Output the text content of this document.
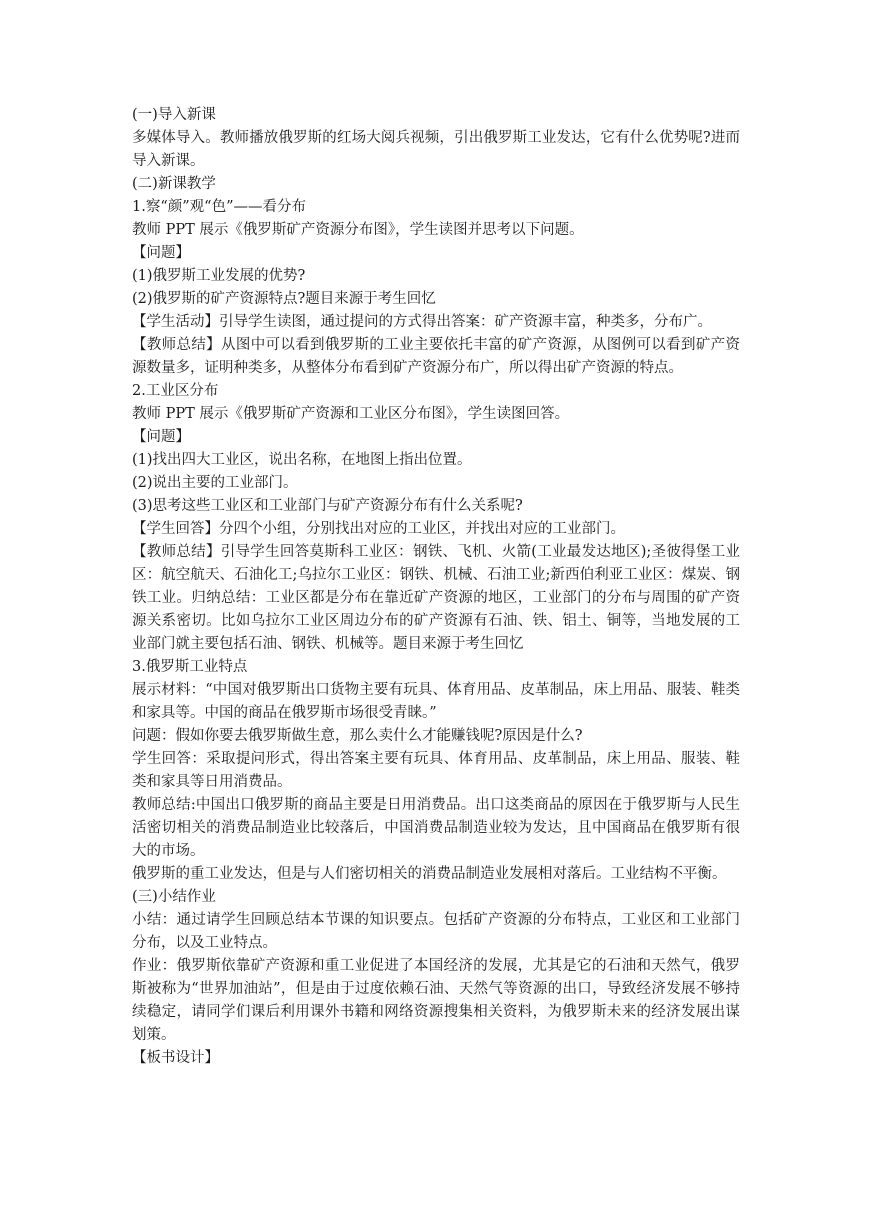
(一)导入新课

多媒体导入。教师播放俄罗斯的红场大阅兵视频，引出俄罗斯工业发达，它有什么优势呢?进而导入新课。

(二)新课教学

1.察“颜”观“色”——看分布

教师 PPT 展示《俄罗斯矿产资源分布图》，学生读图并思考以下问题。

【问题】

(1)俄罗斯工业发展的优势?

(2)俄罗斯的矿产资源特点?题目来源于考生回忆

【学生活动】引导学生读图，通过提问的方式得出答案：矿产资源丰富，种类多，分布广。

【教师总结】从图中可以看到俄罗斯的工业主要依托丰富的矿产资源，从图例可以看到矿产资源数量多，证明种类多，从整体分布看到矿产资源分布广，所以得出矿产资源的特点。

2.工业区分布

教师 PPT 展示《俄罗斯矿产资源和工业区分布图》，学生读图回答。

【问题】

(1)找出四大工业区，说出名称，在地图上指出位置。

(2)说出主要的工业部门。

(3)思考这些工业区和工业部门与矿产资源分布有什么关系呢?

【学生回答】分四个小组，分别找出对应的工业区，并找出对应的工业部门。

【教师总结】引导学生回答莫斯科工业区：钢铁、飞机、火箭(工业最发达地区);圣彼得堡工业区：航空航天、石油化工;乌拉尔工业区：钢铁、机械、石油工业;新西伯利亚工业区：煤炭、钢铁工业。归纳总结：工业区都是分布在靠近矿产资源的地区，工业部门的分布与周围的矿产资源关系密切。比如乌拉尔工业区周边分布的矿产资源有石油、铁、铝土、铜等，当地发展的工业部门就主要包括石油、钢铁、机械等。题目来源于考生回忆

3.俄罗斯工业特点

展示材料：“中国对俄罗斯出口货物主要有玩具、体育用品、皮革制品，床上用品、服装、鞋类和家具等。中国的商品在俄罗斯市场很受青睐。”

问题：假如你要去俄罗斯做生意，那么卖什么才能赚钱呢?原因是什么?

学生回答：采取提问形式，得出答案主要有玩具、体育用品、皮革制品，床上用品、服装、鞋类和家具等日用消费品。

教师总结:中国出口俄罗斯的商品主要是日用消费品。出口这类商品的原因在于俄罗斯与人民生活密切相关的消费品制造业比较落后，中国消费品制造业较为发达，且中国商品在俄罗斯有很大的市场。

俄罗斯的重工业发达，但是与人们密切相关的消费品制造业发展相对落后。工业结构不平衡。

(三)小结作业

小结：通过请学生回顾总结本节课的知识要点。包括矿产资源的分布特点，工业区和工业部门分布，以及工业特点。

作业：俄罗斯依靠矿产资源和重工业促进了本国经济的发展，尤其是它的石油和天然气，俄罗斯被称为“世界加油站”，但是由于过度依赖石油、天然气等资源的出口，导致经济发展不够持续稳定，请同学们课后利用课外书籍和网络资源搜集相关资料，为俄罗斯未来的经济发展出谋划策。

【板书设计】
